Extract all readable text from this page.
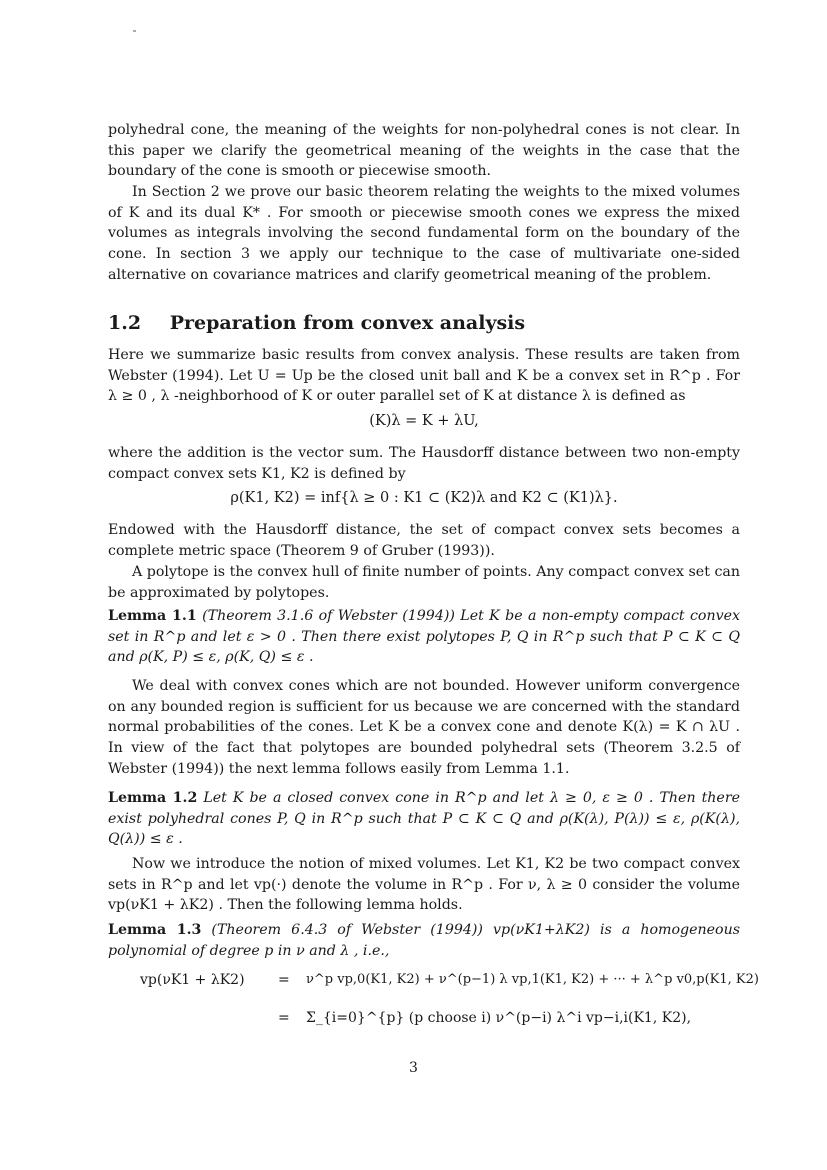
polyhedral cone, the meaning of the weights for non-polyhedral cones is not clear. In this paper we clarify the geometrical meaning of the weights in the case that the boundary of the cone is smooth or piecewise smooth.

In Section 2 we prove our basic theorem relating the weights to the mixed volumes of K and its dual K* . For smooth or piecewise smooth cones we express the mixed volumes as integrals involving the second fundamental form on the boundary of the cone. In section 3 we apply our technique to the case of multivariate one-sided alternative on covariance matrices and clarify geometrical meaning of the problem.

1.2 Preparation from convex analysis

Here we summarize basic results from convex analysis. These results are taken from Webster (1994). Let U = Up be the closed unit ball and K be a convex set in R^p . For λ ≥ 0 , λ -neighborhood of K or outer parallel set of K at distance λ is defined as

(K)λ = K + λU,

where the addition is the vector sum. The Hausdorff distance between two non-empty compact convex sets K1, K2 is defined by

ρ(K1, K2) = inf{λ ≥ 0 : K1 ⊂ (K2)λ and K2 ⊂ (K1)λ}.

Endowed with the Hausdorff distance, the set of compact convex sets becomes a complete metric space (Theorem 9 of Gruber (1993)).

A polytope is the convex hull of finite number of points. Any compact convex set can be approximated by polytopes.

Lemma 1.1 (Theorem 3.1.6 of Webster (1994)) Let K be a non-empty compact convex set in R^p and let ε > 0 . Then there exist polytopes P, Q in R^p such that P ⊂ K ⊂ Q and ρ(K, P) ≤ ε, ρ(K, Q) ≤ ε .

We deal with convex cones which are not bounded. However uniform convergence on any bounded region is sufficient for us because we are concerned with the standard normal probabilities of the cones. Let K be a convex cone and denote K(λ) = K ∩ λU . In view of the fact that polytopes are bounded polyhedral sets (Theorem 3.2.5 of Webster (1994)) the next lemma follows easily from Lemma 1.1.

Lemma 1.2 Let K be a closed convex cone in R^p and let λ ≥ 0, ε ≥ 0 . Then there exist polyhedral cones P, Q in R^p such that P ⊂ K ⊂ Q and ρ(K(λ), P(λ)) ≤ ε, ρ(K(λ), Q(λ)) ≤ ε .

Now we introduce the notion of mixed volumes. Let K1, K2 be two compact convex sets in R^p and let vp(·) denote the volume in R^p . For ν, λ ≥ 0 consider the volume vp(νK1 + λK2) . Then the following lemma holds.

Lemma 1.3 (Theorem 6.4.3 of Webster (1994)) vp(νK1+λK2) is a homogeneous polynomial of degree p in ν and λ , i.e.,

vp(νK1 + λK2) = ν^p vp,0(K1, K2) + ν^(p−1) λ vp,1(K1, K2) + ··· + λ^p v0,p(K1, K2)

= Σ_{i=0}^{p} (p choose i) ν^(p−i) λ^i vp−i,i(K1, K2),

3
